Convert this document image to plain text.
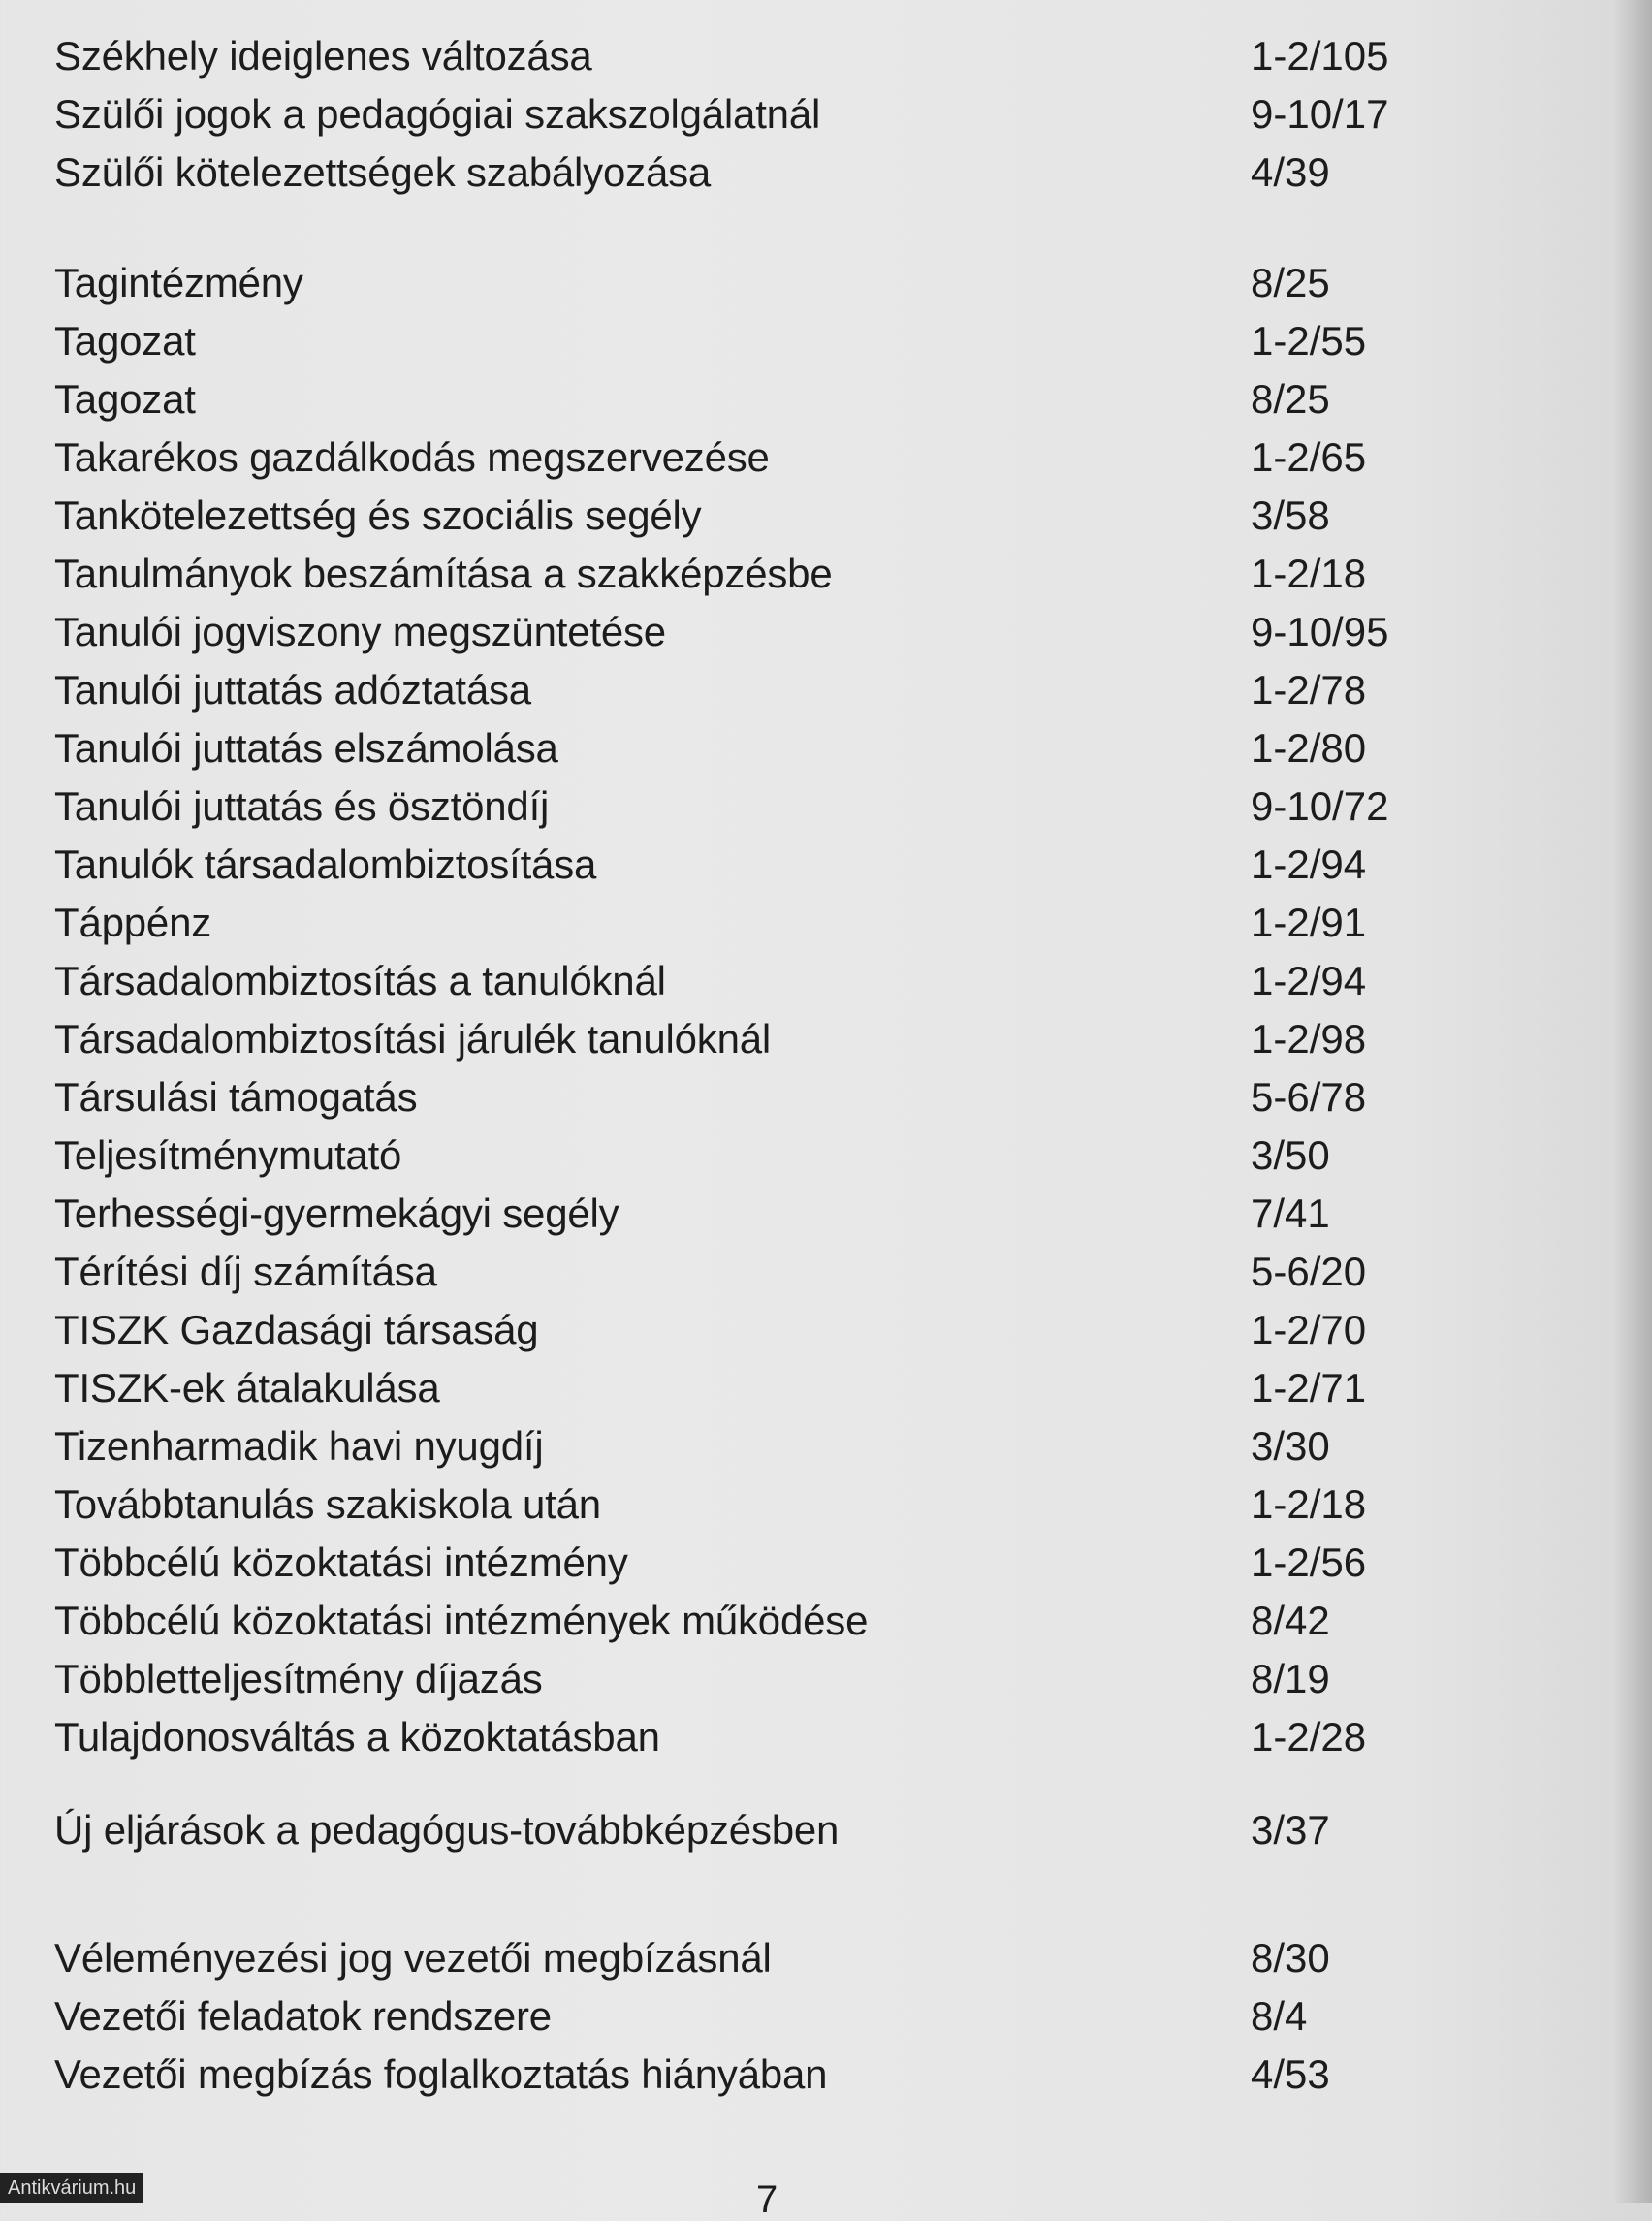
Székhely ideiglenes változása	1-2/105
Szülői jogok a pedagógiai szakszolgálatnál	9-10/17
Szülői kötelezettségek szabályozása	4/39
Tagintézmény	8/25
Tagozat	1-2/55
Tagozat	8/25
Takarékos gazdálkodás megszervezése	1-2/65
Tankötelezettség és szociális segély	3/58
Tanulmányok beszámítása a szakképzésbe	1-2/18
Tanulói jogviszony megszüntetése	9-10/95
Tanulói juttatás adóztatása	1-2/78
Tanulói juttatás elszámolása	1-2/80
Tanulói juttatás és ösztöndíj	9-10/72
Tanulók társadalombiztosítása	1-2/94
Táppénz	1-2/91
Társadalombiztosítás a tanulóknál	1-2/94
Társadalombiztosítási járulék tanulóknál	1-2/98
Társulási támogatás	5-6/78
Teljesítménymutató	3/50
Terhességi-gyermekágyi segély	7/41
Térítési díj számítása	5-6/20
TISZK Gazdasági társaság	1-2/70
TISZK-ek átalakulása	1-2/71
Tizenharmadik havi nyugdíj	3/30
Továbbtanulás szakiskola után	1-2/18
Többcélú közoktatási intézmény	1-2/56
Többcélú közoktatási intézmények működése	8/42
Többletteljesítmény díjazás	8/19
Tulajdonosváltás a közoktatásban	1-2/28
Új eljárások a pedagógus-továbbképzésben	3/37
Véleményezési jog vezetői megbízásnál	8/30
Vezetői feladatok rendszere	8/4
Vezetői megbízás foglalkoztatás hiányában	4/53
7
Antikvárium.hu
